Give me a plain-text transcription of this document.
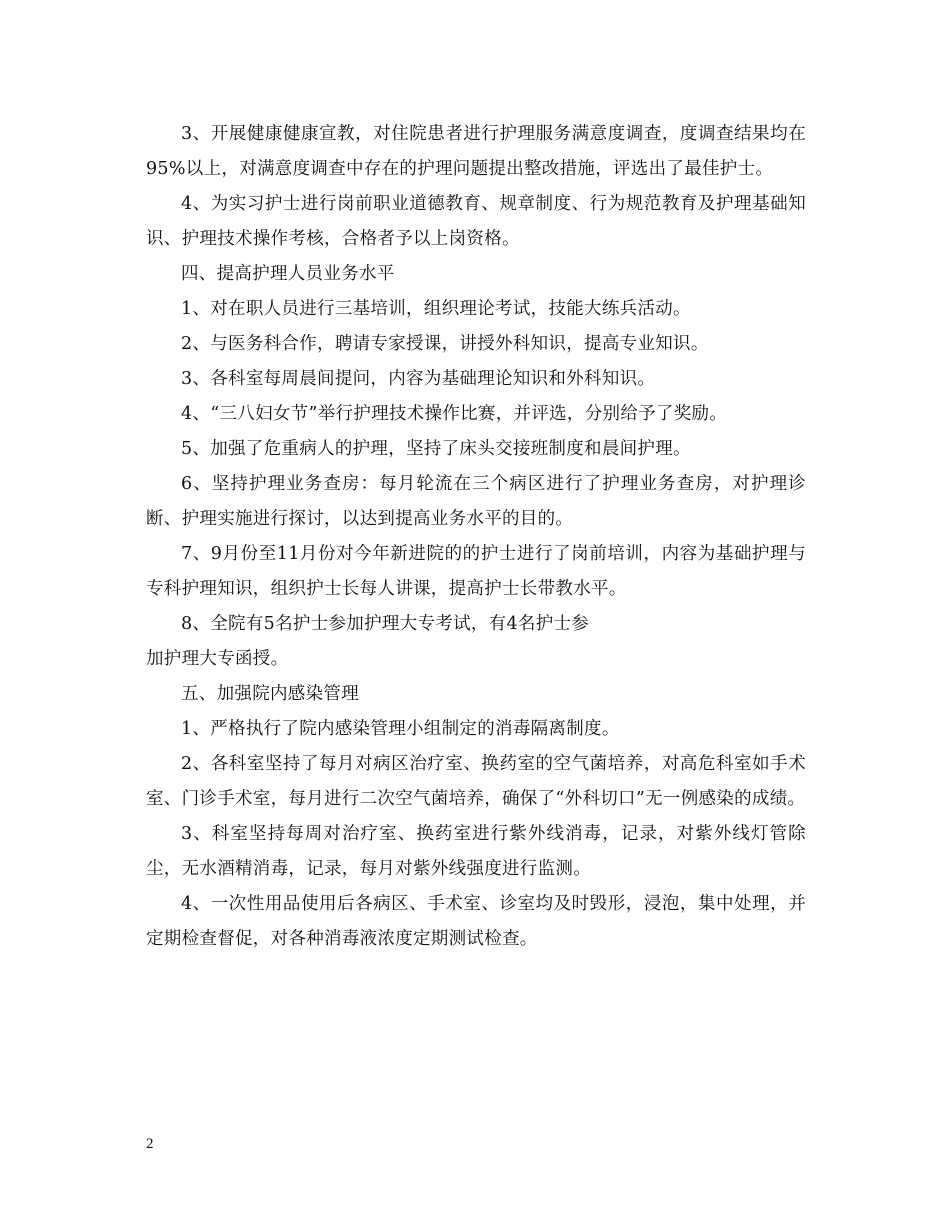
3、开展健康健康宣教，对住院患者进行护理服务满意度调查，度调查结果均在95%以上，对满意度调查中存在的护理问题提出整改措施，评选出了最佳护士。

4、为实习护士进行岗前职业道德教育、规章制度、行为规范教育及护理基础知识、护理技术操作考核，合格者予以上岗资格。

四、提高护理人员业务水平

1、对在职人员进行三基培训，组织理论考试，技能大练兵活动。

2、与医务科合作，聘请专家授课，讲授外科知识，提高专业知识。

3、各科室每周晨间提问，内容为基础理论知识和外科知识。

4、“三八妇女节”举行护理技术操作比赛，并评选，分别给予了奖励。

5、加强了危重病人的护理，坚持了床头交接班制度和晨间护理。

6、坚持护理业务查房：每月轮流在三个病区进行了护理业务查房，对护理诊断、护理实施进行探讨，以达到提高业务水平的目的。

7、9月份至11月份对今年新进院的的护士进行了岗前培训，内容为基础护理与专科护理知识，组织护士长每人讲课，提高护士长带教水平。

8、全院有5名护士参加护理大专考试，有4名护士参

加护理大专函授。

五、加强院内感染管理

1、严格执行了院内感染管理小组制定的消毒隔离制度。

2、各科室坚持了每月对病区治疗室、换药室的空气菌培养，对高危科室如手术室、门诊手术室，每月进行二次空气菌培养，确保了“外科切口”无一例感染的成绩。

3、科室坚持每周对治疗室、换药室进行紫外线消毒，记录，对紫外线灯管除尘，无水酒精消毒，记录，每月对紫外线强度进行监测。

4、一次性用品使用后各病区、手术室、诊室均及时毁形，浸泡，集中处理，并定期检查督促，对各种消毒液浓度定期测试检查。

2
